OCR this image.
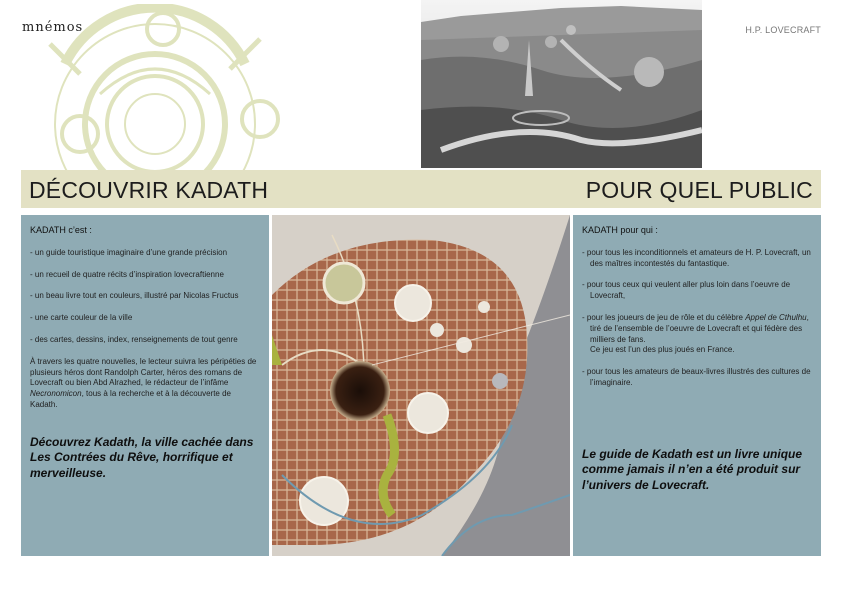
mnémos	H.P. LOVECRAFT
DÉCOUVRIR KADATH	POUR QUEL PUBLIC
KADATH c’est :
- un guide touristique imaginaire d’une grande précision
- un recueil de quatre récits d’inspiration lovecraftienne
- un beau livre tout en couleurs, illustré par Nicolas Fructus
- une carte couleur de la ville
- des cartes, dessins, index, renseignements de tout genre

À travers les quatre nouvelles, le lecteur suivra les péripéties de plusieurs héros dont Randolph Carter, héros des romans de Lovecraft ou bien Abd Alrazhed, le rédacteur de l’infâme Necronomicon, tous à la recherche et à la découverte de Kadath.

Découvrez Kadath, la ville cachée dans Les Contrées du Rêve, horrifique et merveilleuse.
KADATH pour qui :
- pour tous les inconditionnels et amateurs de H. P. Lovecraft, un des maîtres incontestés du fantastique.
- pour tous ceux qui veulent aller plus loin dans l’oeuvre de Lovecraft,
- pour les joueurs de jeu de rôle et du célèbre Appel de Cthulhu, tiré de l’ensemble de l’oeuvre de Lovecraft et qui fédère des milliers de fans.
Ce jeu est l’un des plus joués en France.
- pour tous les amateurs de beaux-livres illustrés des cultures de l’imaginaire.
Le guide de Kadath est un livre unique comme jamais il n’en a été produit sur l’univers de Lovecraft.
